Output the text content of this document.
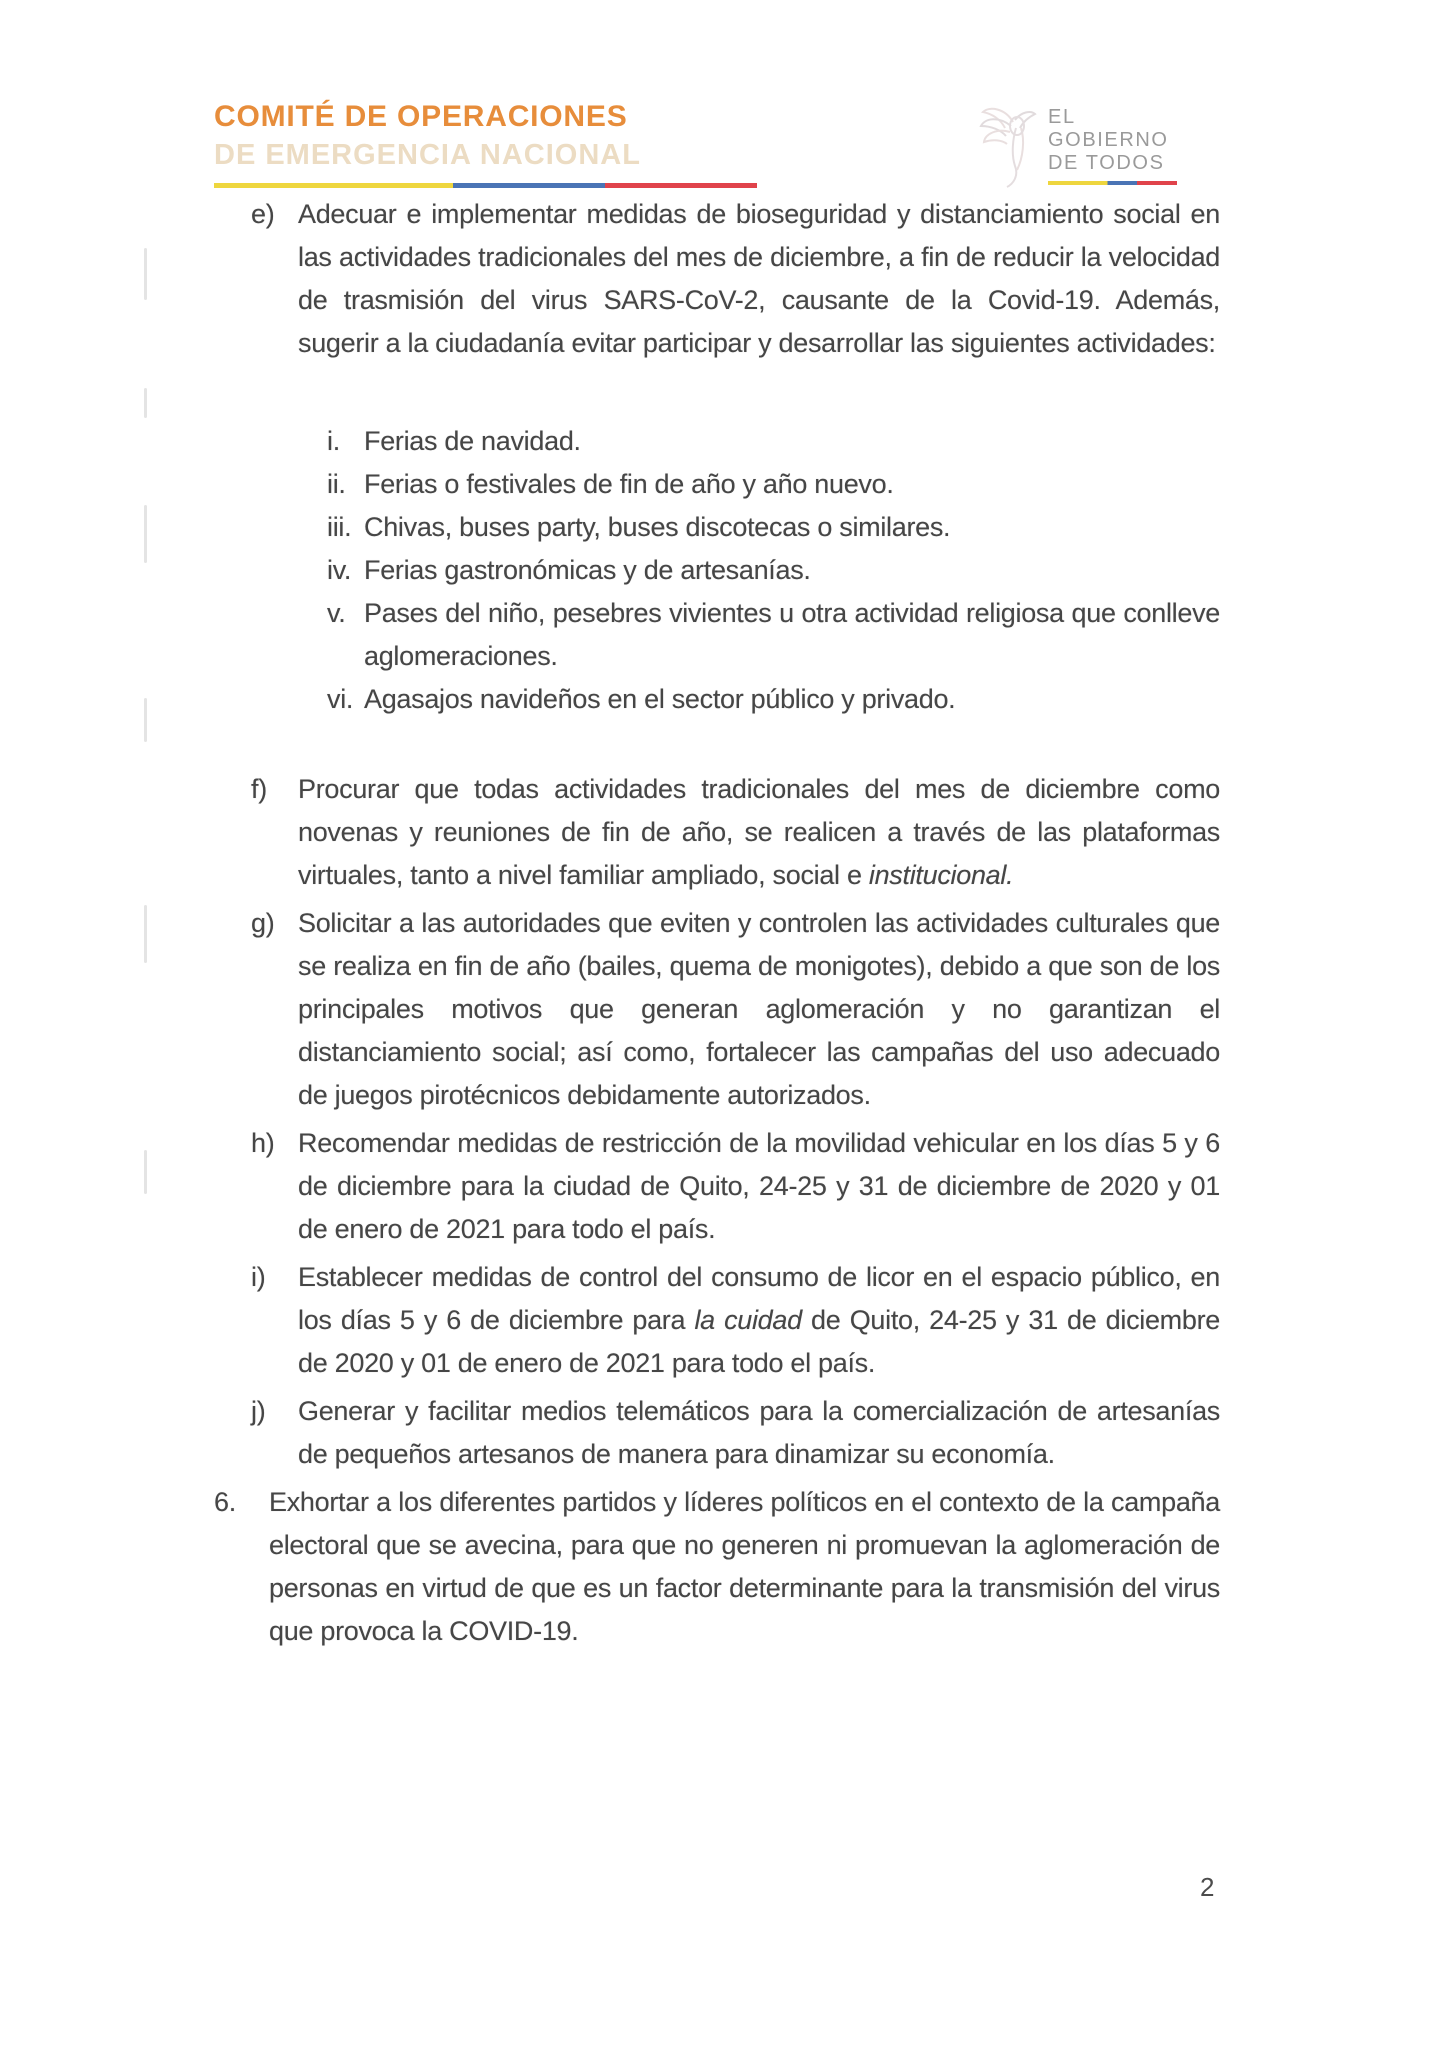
COMITÉ DE OPERACIONES
DE EMERGENCIA NACIONAL
EL
GOBIERNO
DE TODOS
e) Adecuar e implementar medidas de bioseguridad y distanciamiento social en las actividades tradicionales del mes de diciembre, a fin de reducir la velocidad de trasmisión del virus SARS-CoV-2, causante de la Covid-19. Además, sugerir a la ciudadanía evitar participar y desarrollar las siguientes actividades:
i. Ferias de navidad.
ii. Ferias o festivales de fin de año y año nuevo.
iii. Chivas, buses party, buses discotecas o similares.
iv. Ferias gastronómicas y de artesanías.
v. Pases del niño, pesebres vivientes u otra actividad religiosa que conlleve aglomeraciones.
vi. Agasajos navideños en el sector público y privado.
f) Procurar que todas actividades tradicionales del mes de diciembre como novenas y reuniones de fin de año, se realicen a través de las plataformas virtuales, tanto a nivel familiar ampliado, social e institucional.
g) Solicitar a las autoridades que eviten y controlen las actividades culturales que se realiza en fin de año (bailes, quema de monigotes), debido a que son de los principales motivos que generan aglomeración y no garantizan el distanciamiento social; así como, fortalecer las campañas del uso adecuado de juegos pirotécnicos debidamente autorizados.
h) Recomendar medidas de restricción de la movilidad vehicular en los días 5 y 6 de diciembre para la ciudad de Quito, 24-25 y 31 de diciembre de 2020 y 01 de enero de 2021 para todo el país.
i) Establecer medidas de control del consumo de licor en el espacio público, en los días 5 y 6 de diciembre para la cuidad de Quito, 24-25 y 31 de diciembre de 2020 y 01 de enero de 2021 para todo el país.
j) Generar y facilitar medios telemáticos para la comercialización de artesanías de pequeños artesanos de manera para dinamizar su economía.
6. Exhortar a los diferentes partidos y líderes políticos en el contexto de la campaña electoral que se avecina, para que no generen ni promuevan la aglomeración de personas en virtud de que es un factor determinante para la transmisión del virus que provoca la COVID-19.
2
